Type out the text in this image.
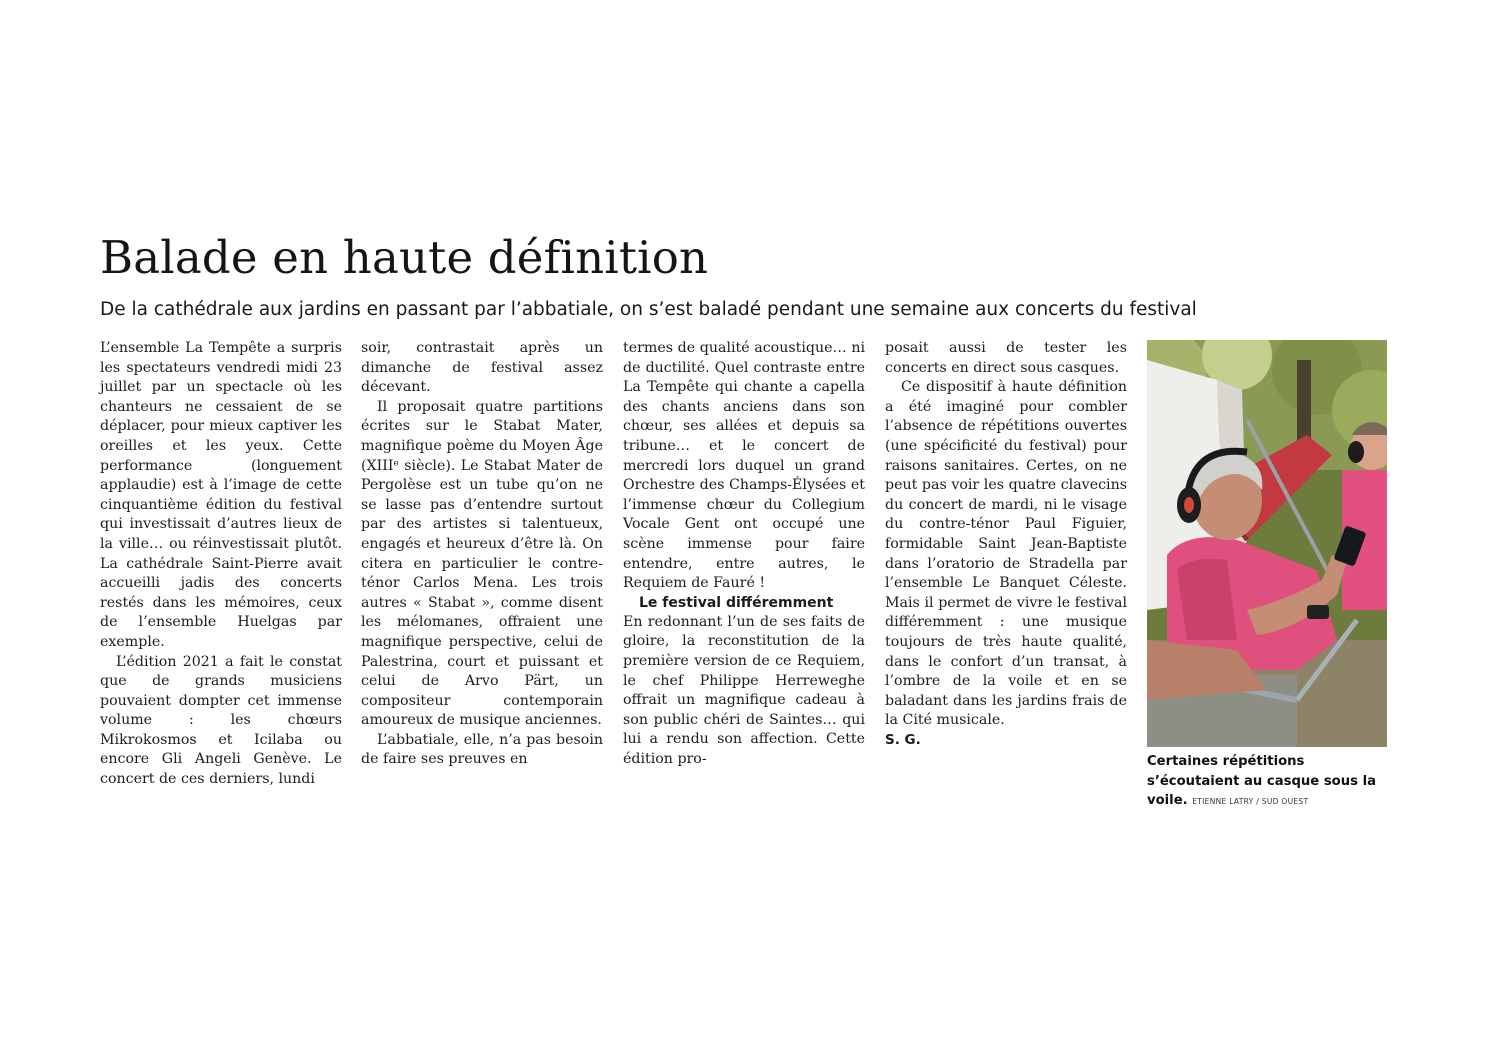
Balade en haute définition

De la cathédrale aux jardins en passant par l’abbatiale, on s’est baladé pendant une semaine aux concerts du festival

L’ensemble La Tempête a surpris les spectateurs vendredi midi 23 juillet par un spectacle où les chanteurs ne cessaient de se déplacer, pour mieux captiver les oreilles et les yeux. Cette performance (longuement applaudie) est à l’image de cette cinquantième édition du festival qui investissait d’autres lieux de la ville… ou réinvestissait plutôt. La cathédrale Saint-Pierre avait accueilli jadis des concerts restés dans les mémoires, ceux de l’ensemble Huelgas par exemple.

L’édition 2021 a fait le constat que de grands musiciens pouvaient dompter cet immense volume : les chœurs Mikrokosmos et Icilaba ou encore Gli Angeli Genève. Le concert de ces derniers, lundi

soir, contrastait après un dimanche de festival assez décevant.

Il proposait quatre partitions écrites sur le Stabat Mater, magnifique poème du Moyen Âge (XIIIᵉ siècle). Le Stabat Mater de Pergolèse est un tube qu’on ne se lasse pas d’entendre surtout par des artistes si talentueux, engagés et heureux d’être là. On citera en particulier le contre-ténor Carlos Mena. Les trois autres « Stabat », comme disent les mélomanes, offraient une magnifique perspective, celui de Palestrina, court et puissant et celui de Arvo Pärt, un compositeur contemporain amoureux de musique anciennes.

L’abbatiale, elle, n’a pas besoin de faire ses preuves en

termes de qualité acoustique… ni de ductilité. Quel contraste entre La Tempête qui chante a capella des chants anciens dans son chœur, ses allées et depuis sa tribune… et le concert de mercredi lors duquel un grand Orchestre des Champs-Élysées et l’immense chœur du Collegium Vocale Gent ont occupé une scène immense pour faire entendre, entre autres, le Requiem de Fauré !

Le festival différemment

En redonnant l’un de ses faits de gloire, la reconstitution de la première version de ce Requiem, le chef Philippe Herreweghe offrait un magnifique cadeau à son public chéri de Saintes… qui lui a rendu son affection. Cette édition pro-

posait aussi de tester les concerts en direct sous casques.

Ce dispositif à haute définition a été imaginé pour combler l’absence de répétitions ouvertes (une spécificité du festival) pour raisons sanitaires. Certes, on ne peut pas voir les quatre clavecins du concert de mardi, ni le visage du contre-ténor Paul Figuier, formidable Saint Jean-Baptiste dans l’oratorio de Stradella par l’ensemble Le Banquet Céleste. Mais il permet de vivre le festival différemment : une musique toujours de très haute qualité, dans le confort d’un transat, à l’ombre de la voile et en se baladant dans les jardins frais de la Cité musicale.

S. G.

Certaines répétitions s’écoutaient au casque sous la voile. ETIENNE LATRY / SUD OUEST
